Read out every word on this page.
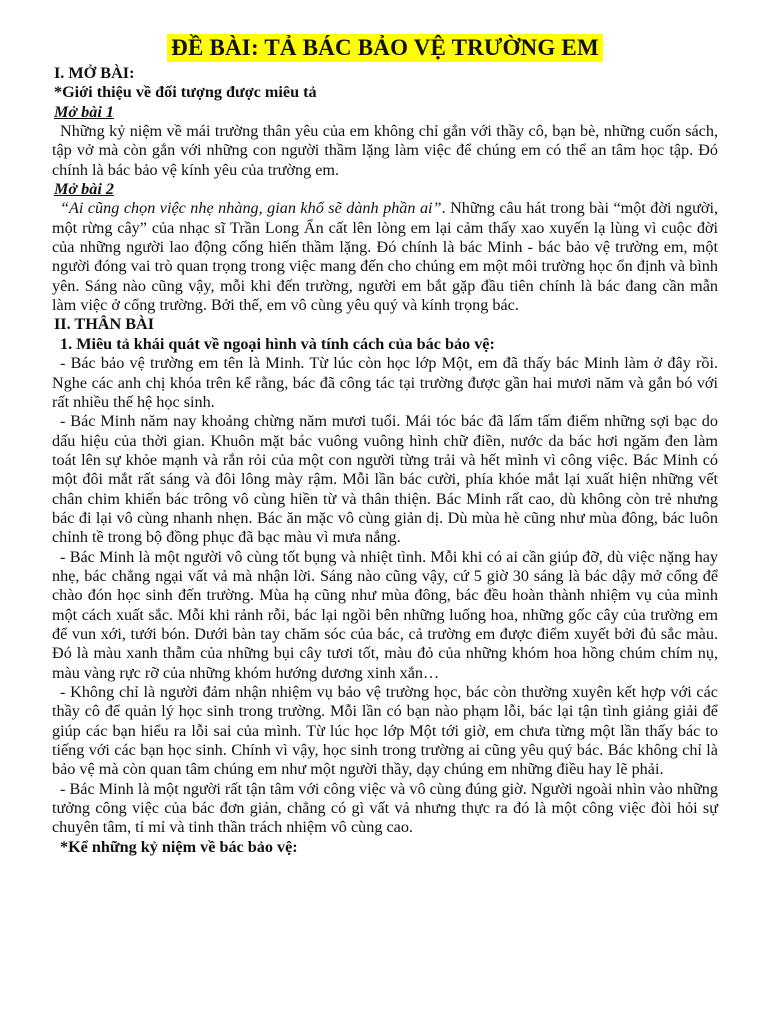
ĐỀ BÀI: TẢ BÁC BẢO VỆ TRƯỜNG EM

I. MỞ BÀI:

*Giới thiệu về đối tượng được miêu tả

Mở bài 1

Những kỷ niệm về mái trường thân yêu của em không chỉ gắn với thầy cô, bạn bè, những cuốn sách, tập vở mà còn gắn với những con người thầm lặng làm việc để chúng em có thể an tâm học tập. Đó chính là bác bảo vệ kính yêu của trường em.

Mở bài 2

“Ai cũng chọn việc nhẹ nhàng, gian khổ sẽ dành phần ai”. Những câu hát trong bài “một đời người, một rừng cây” của nhạc sĩ Trần Long Ẩn cất lên lòng em lại cảm thấy xao xuyến lạ lùng vì cuộc đời của những người lao động cống hiến thầm lặng. Đó chính là bác Minh - bác bảo vệ trường em, một người đóng vai trò quan trọng trong việc mang đến cho chúng em một môi trường học ổn định và bình yên. Sáng nào cũng vậy, mỗi khi đến trường, người em bắt gặp đầu tiên chính là bác đang cần mẫn làm việc ở cổng trường. Bởi thế, em vô cùng yêu quý và kính trọng bác.

II. THÂN BÀI

1. Miêu tả khái quát về ngoại hình và tính cách của bác bảo vệ:

- Bác bảo vệ trường em tên là Minh. Từ lúc còn học lớp Một, em đã thấy bác Minh làm ở đây rồi. Nghe các anh chị khóa trên kể rằng, bác đã công tác tại trường được gần hai mươi năm và gắn bó với rất nhiều thế hệ học sinh.

- Bác Minh năm nay khoảng chừng năm mươi tuổi. Mái tóc bác đã lấm tấm điểm những sợi bạc do dấu hiệu của thời gian. Khuôn mặt bác vuông vuông hình chữ điền, nước da bác hơi ngăm đen làm toát lên sự khỏe mạnh và rắn rỏi của một con người từng trải và hết mình vì công việc. Bác Minh có một đôi mắt rất sáng và đôi lông mày rậm. Mỗi lần bác cười, phía khóe mắt lại xuất hiện những vết chân chim khiến bác trông vô cùng hiền từ và thân thiện. Bác Minh rất cao, dù không còn trẻ nhưng bác đi lại vô cùng nhanh nhẹn. Bác ăn mặc vô cùng giản dị. Dù mùa hè cũng như mùa đông, bác luôn chỉnh tề trong bộ đồng phục đã bạc màu vì mưa nắng.

- Bác Minh là một người vô cùng tốt bụng và nhiệt tình. Mỗi khi có ai cần giúp đỡ, dù việc nặng hay nhẹ, bác chẳng ngại vất vả mà nhận lời. Sáng nào cũng vậy, cứ 5 giờ 30 sáng là bác dậy mở cổng để chào đón học sinh đến trường. Mùa hạ cũng như mùa đông, bác đều hoàn thành nhiệm vụ của mình một cách xuất sắc. Mỗi khi rảnh rỗi, bác lại ngồi bên những luống hoa, những gốc cây của trường em để vun xới, tưới bón. Dưới bàn tay chăm sóc của bác, cả trường em được điểm xuyết bởi đủ sắc màu. Đó là màu xanh thẫm của những bụi cây tươi tốt, màu đỏ của những khóm hoa hồng chúm chím nụ, màu vàng rực rỡ của những khóm hướng dương xinh xắn…

- Không chỉ là người đảm nhận nhiệm vụ bảo vệ trường học, bác còn thường xuyên kết hợp với các thầy cô để quản lý học sinh trong trường. Mỗi lần có bạn nào phạm lỗi, bác lại tận tình giảng giải để giúp các bạn hiểu ra lỗi sai của mình. Từ lúc học lớp Một tới giờ, em chưa từng một lần thấy bác to tiếng với các bạn học sinh. Chính vì vậy, học sinh trong trường ai cũng yêu quý bác. Bác không chỉ là bảo vệ mà còn quan tâm chúng em như một người thầy, dạy chúng em những điều hay lẽ phải.

- Bác Minh là một người rất tận tâm với công việc và vô cùng đúng giờ. Người ngoài nhìn vào những tưởng công việc của bác đơn giản, chẳng có gì vất vả nhưng thực ra đó là một công việc đòi hỏi sự chuyên tâm, tỉ mỉ và tinh thần trách nhiệm vô cùng cao.

*Kể những kỷ niệm về bác bảo vệ:
